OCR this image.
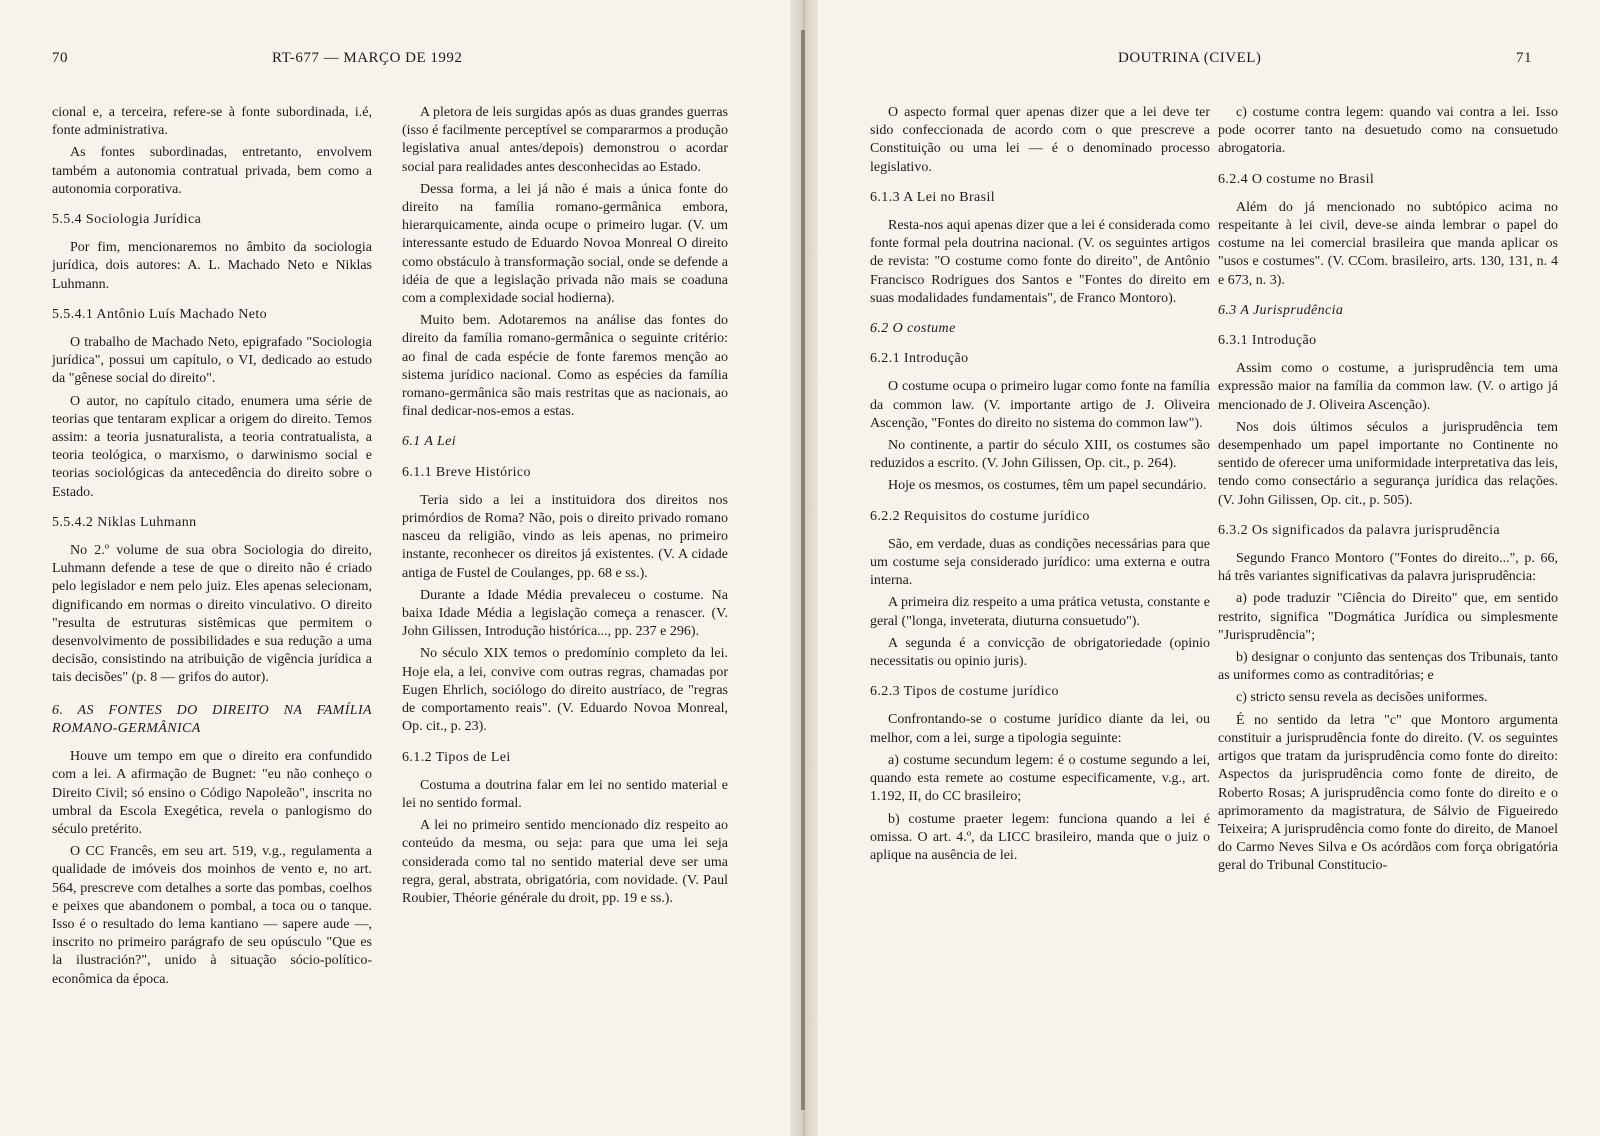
70	RT-677 — MARÇO DE 1992

cional e, a terceira, refere-se à fonte subordinada, i.é, fonte administrativa.

As fontes subordinadas, entretanto, envolvem também a autonomia contratual privada, bem como a autonomia corporativa.

5.5.4 Sociologia Jurídica

Por fim, mencionaremos no âmbito da sociologia jurídica, dois autores: A. L. Machado Neto e Niklas Luhmann.

5.5.4.1 Antônio Luís Machado Neto

O trabalho de Machado Neto, epigrafado "Sociologia jurídica", possui um capítulo, o VI, dedicado ao estudo da "gênese social do direito".

O autor, no capítulo citado, enumera uma série de teorias que tentaram explicar a origem do direito. Temos assim: a teoria jusnaturalista, a teoria contratualista, a teoria teológica, o marxismo, o darwinismo social e teorias sociológicas da antecedência do direito sobre o Estado.

5.5.4.2 Niklas Luhmann

No 2.º volume de sua obra Sociologia do direito, Luhmann defende a tese de que o direito não é criado pelo legislador e nem pelo juiz. Eles apenas selecionam, dignificando em normas o direito vinculativo. O direito "resulta de estruturas sistêmicas que permitem o desenvolvimento de possibilidades e sua redução a uma decisão, consistindo na atribuição de vigência jurídica a tais decisões" (p. 8 — grifos do autor).

6. AS FONTES DO DIREITO NA FAMÍLIA ROMANO-GERMÂNICA

Houve um tempo em que o direito era confundido com a lei. A afirmação de Bugnet: "eu não conheço o Direito Civil; só ensino o Código Napoleão", inscrita no umbral da Escola Exegética, revela o panlogismo do século pretérito.

O CC Francês, em seu art. 519, v.g., regulamenta a qualidade de imóveis dos moinhos de vento e, no art. 564, prescreve com detalhes a sorte das pombas, coelhos e peixes que abandonem o pombal, a toca ou o tanque. Isso é o resultado do lema kantiano — sapere aude —, inscrito no primeiro parágrafo de seu opúsculo "Que es la ilustración?", unido à situação sócio-político-econômica da época.

A pletora de leis surgidas após as duas grandes guerras (isso é facilmente perceptível se compararmos a produção legislativa anual antes/depois) demonstrou o acordar social para realidades antes desconhecidas ao Estado.

Dessa forma, a lei já não é mais a única fonte do direito na família romano-germânica embora, hierarquicamente, ainda ocupe o primeiro lugar. (V. um interessante estudo de Eduardo Novoa Monreal O direito como obstáculo à transformação social, onde se defende a idéia de que a legislação privada não mais se coaduna com a complexidade social hodierna).

Muito bem. Adotaremos na análise das fontes do direito da família romano-germânica o seguinte critério: ao final de cada espécie de fonte faremos menção ao sistema jurídico nacional. Como as espécies da família romano-germânica são mais restritas que as nacionais, ao final dedicar-nos-emos a estas.

6.1 A Lei
6.1.1 Breve Histórico

Teria sido a lei a instituidora dos direitos nos primórdios de Roma? Não, pois o direito privado romano nasceu da religião, vindo as leis apenas, no primeiro instante, reconhecer os direitos já existentes. (V. A cidade antiga de Fustel de Coulanges, pp. 68 e ss.).

Durante a Idade Média prevaleceu o costume. Na baixa Idade Média a legislação começa a renascer. (V. John Gilissen, Introdução histórica..., pp. 237 e 296).

No século XIX temos o predomínio completo da lei. Hoje ela, a lei, convive com outras regras, chamadas por Eugen Ehrlich, sociólogo do direito austríaco, de "regras de comportamento reais". (V. Eduardo Novoa Monreal, Op. cit., p. 23).

6.1.2 Tipos de Lei

Costuma a doutrina falar em lei no sentido material e lei no sentido formal.

A lei no primeiro sentido mencionado diz respeito ao conteúdo da mesma, ou seja: para que uma lei seja considerada como tal no sentido material deve ser uma regra, geral, abstrata, obrigatória, com novidade. (V. Paul Roubier, Théorie générale du droit, pp. 19 e ss.).

DOUTRINA (CIVEL)	71

O aspecto formal quer apenas dizer que a lei deve ter sido confeccionada de acordo com o que prescreve a Constituição ou uma lei — é o denominado processo legislativo.

6.1.3 A Lei no Brasil

Resta-nos aqui apenas dizer que a lei é considerada como fonte formal pela doutrina nacional. (V. os seguintes artigos de revista: "O costume como fonte do direito", de Antônio Francisco Rodrigues dos Santos e "Fontes do direito em suas modalidades fundamentais", de Franco Montoro).

6.2 O costume
6.2.1 Introdução

O costume ocupa o primeiro lugar como fonte na família da common law. (V. importante artigo de J. Oliveira Ascenção, "Fontes do direito no sistema do common law").

No continente, a partir do século XIII, os costumes são reduzidos a escrito. (V. John Gilissen, Op. cit., p. 264).

Hoje os mesmos, os costumes, têm um papel secundário.

6.2.2 Requisitos do costume jurídico

São, em verdade, duas as condições necessárias para que um costume seja considerado jurídico: uma externa e outra interna.

A primeira diz respeito a uma prática vetusta, constante e geral ("longa, inveterata, diuturna consuetudo").

A segunda é a convicção de obrigatoriedade (opinio necessitatis ou opinio juris).

6.2.3 Tipos de costume jurídico

Confrontando-se o costume jurídico diante da lei, ou melhor, com a lei, surge a tipologia seguinte:

a) costume secundum legem: é o costume segundo a lei, quando esta remete ao costume especificamente, v.g., art. 1.192, II, do CC brasileiro;

b) costume praeter legem: funciona quando a lei é omissa. O art. 4.º, da LICC brasileiro, manda que o juiz o aplique na ausência de lei.

c) costume contra legem: quando vai contra a lei. Isso pode ocorrer tanto na desuetudo como na consuetudo abrogatoria.

6.2.4 O costume no Brasil

Além do já mencionado no subtópico acima no respeitante à lei civil, deve-se ainda lembrar o papel do costume na lei comercial brasileira que manda aplicar os "usos e costumes". (V. CCom. brasileiro, arts. 130, 131, n. 4 e 673, n. 3).

6.3 A Jurisprudência
6.3.1 Introdução

Assim como o costume, a jurisprudência tem uma expressão maior na família da common law. (V. o artigo já mencionado de J. Oliveira Ascenção).

Nos dois últimos séculos a jurisprudência tem desempenhado um papel importante no Continente no sentido de oferecer uma uniformidade interpretativa das leis, tendo como consectário a segurança jurídica das relações. (V. John Gilissen, Op. cit., p. 505).

6.3.2 Os significados da palavra jurisprudência

Segundo Franco Montoro ("Fontes do direito...", p. 66, há três variantes significativas da palavra jurisprudência:

a) pode traduzir "Ciência do Direito" que, em sentido restrito, significa "Dogmática Jurídica ou simplesmente "Jurisprudência";

b) designar o conjunto das sentenças dos Tribunais, tanto as uniformes como as contraditórias; e

c) stricto sensu revela as decisões uniformes.

É no sentido da letra "c" que Montoro argumenta constituir a jurisprudência fonte do direito. (V. os seguintes artigos que tratam da jurisprudência como fonte do direito: Aspectos da jurisprudência como fonte de direito, de Roberto Rosas; A jurisprudência como fonte do direito e o aprimoramento da magistratura, de Sálvio de Figueiredo Teixeira; A jurisprudência como fonte do direito, de Manoel do Carmo Neves Silva e Os acórdãos com força obrigatória geral do Tribunal Constitucio-
